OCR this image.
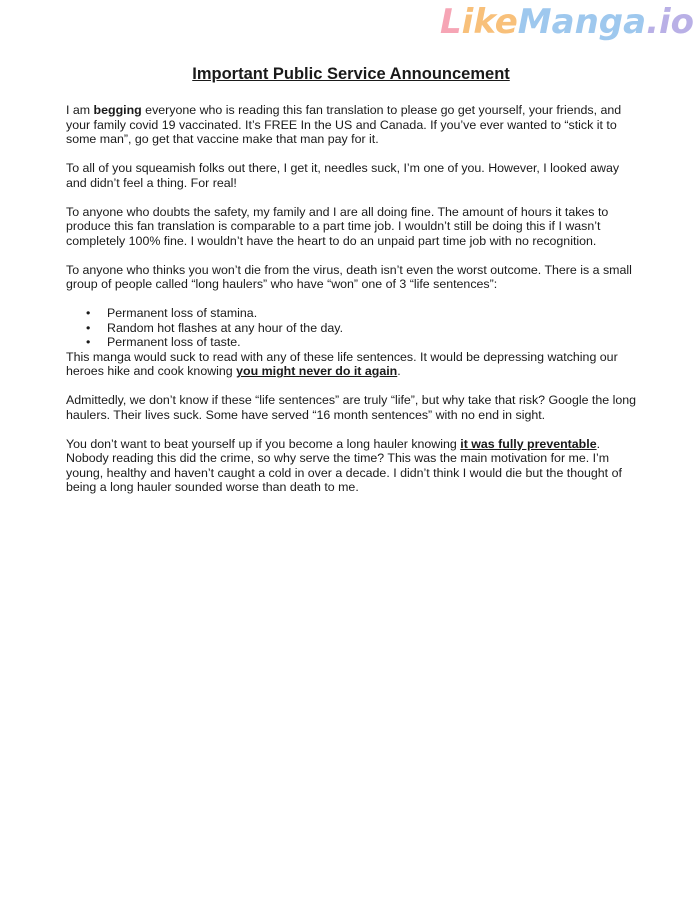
LikeManga.io
Important Public Service Announcement

I am begging everyone who is reading this fan translation to please go get yourself, your friends, and your family covid 19 vaccinated. It’s FREE In the US and Canada. If you’ve ever wanted to “stick it to some man”, go get that vaccine make that man pay for it.

To all of you squeamish folks out there, I get it, needles suck, I’m one of you. However, I looked away and didn’t feel a thing. For real!

To anyone who doubts the safety, my family and I are all doing fine. The amount of hours it takes to produce this fan translation is comparable to a part time job. I wouldn’t still be doing this if I wasn’t completely 100% fine. I wouldn’t have the heart to do an unpaid part time job with no recognition.

To anyone who thinks you won’t die from the virus, death isn’t even the worst outcome. There is a small group of people called “long haulers” who have “won” one of 3 “life sentences”:

• Permanent loss of stamina.
• Random hot flashes at any hour of the day.
• Permanent loss of taste.
This manga would suck to read with any of these life sentences. It would be depressing watching our heroes hike and cook knowing you might never do it again.

Admittedly, we don’t know if these “life sentences” are truly “life”, but why take that risk? Google the long haulers. Their lives suck. Some have served “16 month sentences” with no end in sight.

You don’t want to beat yourself up if you become a long hauler knowing it was fully preventable. Nobody reading this did the crime, so why serve the time? This was the main motivation for me. I’m young, healthy and haven’t caught a cold in over a decade. I didn’t think I would die but the thought of being a long hauler sounded worse than death to me.
